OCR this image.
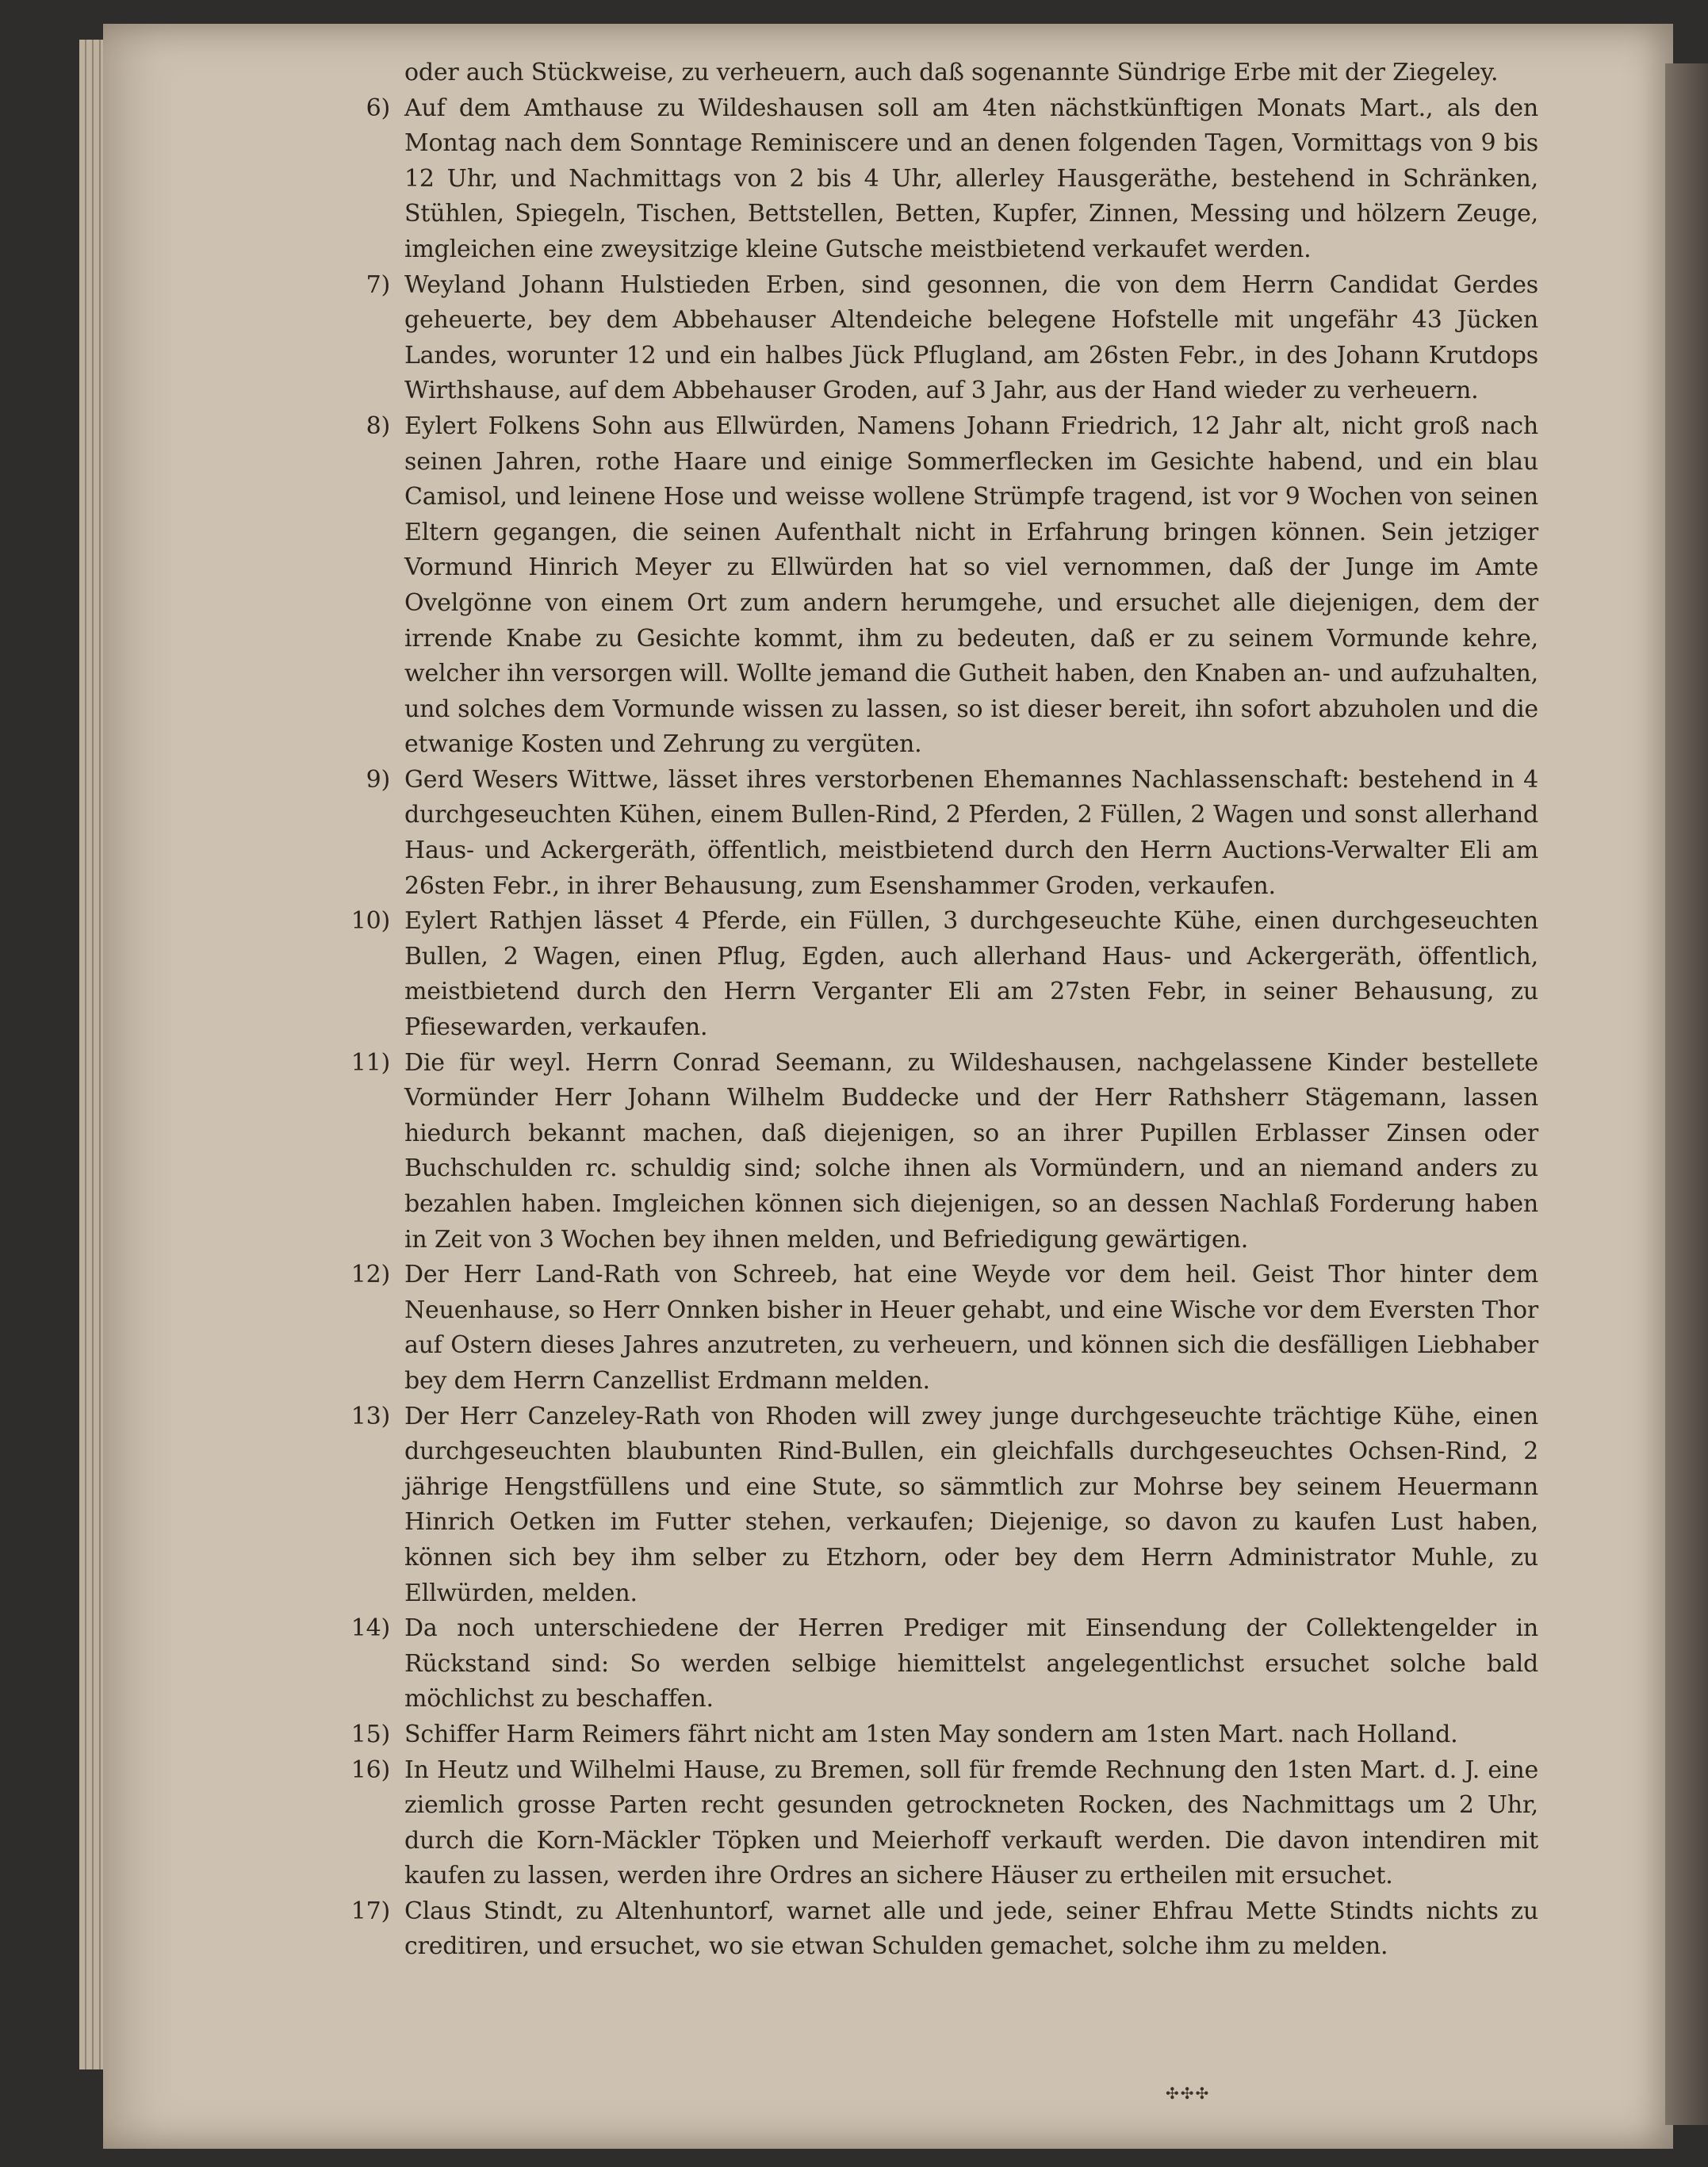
oder auch Stückweise, zu verheuern, auch daß sogenannte Sündrige Erbe mit der Ziegeley.

6) Auf dem Amthause zu Wildeshausen soll am 4ten nächstkünftigen Monats Mart., als den Montag nach dem Sonntage Reminiscere und an denen folgenden Tagen, Vormittags von 9 bis 12 Uhr, und Nachmittags von 2 bis 4 Uhr, allerley Hausgeräthe, bestehend in Schränken, Stühlen, Spiegeln, Tischen, Bettstellen, Betten, Kupfer, Zinnen, Messing und hölzern Zeuge, imgleichen eine zweysitzige kleine Gutsche meistbietend verkaufet werden.
7) Weyland Johann Hulstieden Erben, sind gesonnen, die von dem Herrn Candidat Gerdes geheuerte, bey dem Abbehauser Altendeiche belegene Hofstelle mit ungefähr 43 Jücken Landes, worunter 12 und ein halbes Jück Pflugland, am 26sten Febr., in des Johann Krutdops Wirthshause, auf dem Abbehauser Groden, auf 3 Jahr, aus der Hand wieder zu verheuern.
8) Eylert Folkens Sohn aus Ellwürden, Namens Johann Friedrich, 12 Jahr alt, nicht groß nach seinen Jahren, rothe Haare und einige Sommerflecken im Gesichte habend, und ein blau Camisol, und leinene Hose und weisse wollene Strümpfe tragend, ist vor 9 Wochen von seinen Eltern gegangen, die seinen Aufenthalt nicht in Erfahrung bringen können. Sein jetziger Vormund Hinrich Meyer zu Ellwürden hat so viel vernommen, daß der Junge im Amte Ovelgönne von einem Ort zum andern herumgehe, und ersuchet alle diejenigen, dem der irrende Knabe zu Gesichte kommt, ihm zu bedeuten, daß er zu seinem Vormunde kehre, welcher ihn versorgen will. Wollte jemand die Gutheit haben, den Knaben an- und aufzuhalten, und solches dem Vormunde wissen zu lassen, so ist dieser bereit, ihn sofort abzuholen und die etwanige Kosten und Zehrung zu vergüten.
9) Gerd Wesers Wittwe, lässet ihres verstorbenen Ehemannes Nachlassenschaft: bestehend in 4 durchgeseuchten Kühen, einem Bullen-Rind, 2 Pferden, 2 Füllen, 2 Wagen und sonst allerhand Haus- und Ackergeräth, öffentlich, meistbietend durch den Herrn Auctions-Verwalter Eli am 26sten Febr., in ihrer Behausung, zum Esenshammer Groden, verkaufen.
10) Eylert Rathjen lässet 4 Pferde, ein Füllen, 3 durchgeseuchte Kühe, einen durchgeseuchten Bullen, 2 Wagen, einen Pflug, Egden, auch allerhand Haus- und Ackergeräth, öffentlich, meistbietend durch den Herrn Verganter Eli am 27sten Febr, in seiner Behausung, zu Pfiesewarden, verkaufen.
11) Die für weyl. Herrn Conrad Seemann, zu Wildeshausen, nachgelassene Kinder bestellete Vormünder Herr Johann Wilhelm Buddecke und der Herr Rathsherr Stägemann, lassen hiedurch bekannt machen, daß diejenigen, so an ihrer Pupillen Erblasser Zinsen oder Buchschulden rc. schuldig sind; solche ihnen als Vormündern, und an niemand anders zu bezahlen haben. Imgleichen können sich diejenigen, so an dessen Nachlaß Forderung haben in Zeit von 3 Wochen bey ihnen melden, und Befriedigung gewärtigen.
12) Der Herr Land-Rath von Schreeb, hat eine Weyde vor dem heil. Geist Thor hinter dem Neuenhause, so Herr Onnken bisher in Heuer gehabt, und eine Wische vor dem Eversten Thor auf Ostern dieses Jahres anzutreten, zu verheuern, und können sich die desfälligen Liebhaber bey dem Herrn Canzellist Erdmann melden.
13) Der Herr Canzeley-Rath von Rhoden will zwey junge durchgeseuchte trächtige Kühe, einen durchgeseuchten blaubunten Rind-Bullen, ein gleichfalls durchgeseuchtes Ochsen-Rind, 2 jährige Hengstfüllens und eine Stute, so sämmtlich zur Mohrse bey seinem Heuermann Hinrich Oetken im Futter stehen, verkaufen; Diejenige, so davon zu kaufen Lust haben, können sich bey ihm selber zu Etzhorn, oder bey dem Herrn Administrator Muhle, zu Ellwürden, melden.
14) Da noch unterschiedene der Herren Prediger mit Einsendung der Collektengelder in Rückstand sind: So werden selbige hiemittelst angelegentlichst ersuchet solche bald möchlichst zu beschaffen.
15) Schiffer Harm Reimers fährt nicht am 1sten May sondern am 1sten Mart. nach Holland.
16) In Heutz und Wilhelmi Hause, zu Bremen, soll für fremde Rechnung den 1sten Mart. d. J. eine ziemlich grosse Parten recht gesunden getrockneten Rocken, des Nachmittags um 2 Uhr, durch die Korn-Mäckler Töpken und Meierhoff verkauft werden. Die davon intendiren mit kaufen zu lassen, werden ihre Ordres an sichere Häuser zu ertheilen mit ersuchet.
17) Claus Stindt, zu Altenhuntorf, warnet alle und jede, seiner Ehfrau Mette Stindts nichts zu creditiren, und ersuchet, wo sie etwan Schulden gemachet, solche ihm zu melden.
✣✣✣
